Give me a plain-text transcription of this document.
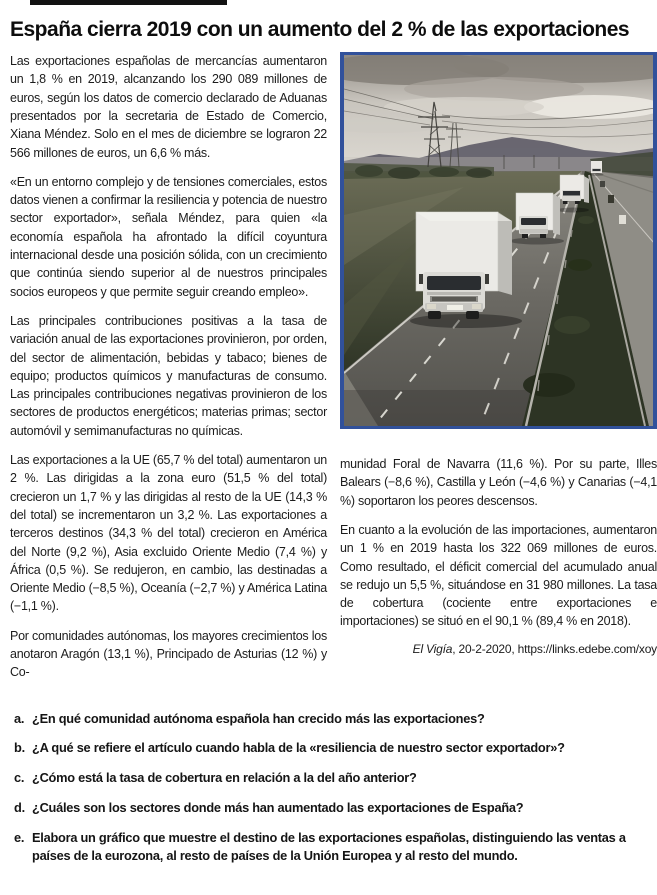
España cierra 2019 con un aumento del 2 % de las exportaciones

Las exportaciones españolas de mercancías aumentaron un 1,8 % en 2019, alcanzando los 290 089 millones de euros, según los datos de comercio declarado de Aduanas presentados por la secretaria de Estado de Comercio, Xiana Méndez. Solo en el mes de diciembre se lograron 22 566 millones de euros, un 6,6 % más.

«En un entorno complejo y de tensiones comerciales, estos datos vienen a confirmar la resiliencia y potencia de nuestro sector exportador», señala Méndez, para quien «la economía española ha afrontado la difícil coyuntura internacional desde una posición sólida, con un crecimiento que continúa siendo superior al de nuestros principales socios europeos y que permite seguir creando empleo».

Las principales contribuciones positivas a la tasa de variación anual de las exportaciones provinieron, por orden, del sector de alimentación, bebidas y tabaco; bienes de equipo; productos químicos y manufacturas de consumo. Las principales contribuciones negativas provinieron de los sectores de productos energéticos; materias primas; sector automóvil y semimanufacturas no químicas.

Las exportaciones a la UE (65,7 % del total) aumentaron un 2 %. Las dirigidas a la zona euro (51,5 % del total) crecieron un 1,7 % y las dirigidas al resto de la UE (14,3 % del total) se incrementaron un 3,2 %. Las exportaciones a terceros destinos (34,3 % del total) crecieron en América del Norte (9,2 %), Asia excluido Oriente Medio (7,4 %) y África (0,5 %). Se redujeron, en cambio, las destinadas a Oriente Medio (−8,5 %), Oceanía (−2,7 %) y América Latina (−1,1 %).

Por comunidades autónomas, los mayores crecimientos los anotaron Aragón (13,1 %), Principado de Asturias (12 %) y Co-

munidad Foral de Navarra (11,6 %). Por su parte, Illes Balears (−8,6 %), Castilla y León (−4,6 %) y Canarias (−4,1 %) soportaron los peores descensos.

En cuanto a la evolución de las importaciones, aumentaron un 1 % en 2019 hasta los 322 069 millones de euros. Como resultado, el déficit comercial del acumulado anual se redujo un 5,5 %, situándose en 31 980 millones. La tasa de cobertura (cociente entre exportaciones e importaciones) se situó en el 90,1 % (89,4 % en 2018).

El Vigía, 20-2-2020, https://links.edebe.com/xoy
a. ¿En qué comunidad autónoma española han crecido más las exportaciones?
b. ¿A qué se refiere el artículo cuando habla de la «resiliencia de nuestro sector exportador»?
c. ¿Cómo está la tasa de cobertura en relación a la del año anterior?
d. ¿Cuáles son los sectores donde más han aumentado las exportaciones de España?
e. Elabora un gráfico que muestre el destino de las exportaciones españolas, distinguiendo las ventas a países de la eurozona, al resto de países de la Unión Europea y al resto del mundo.
